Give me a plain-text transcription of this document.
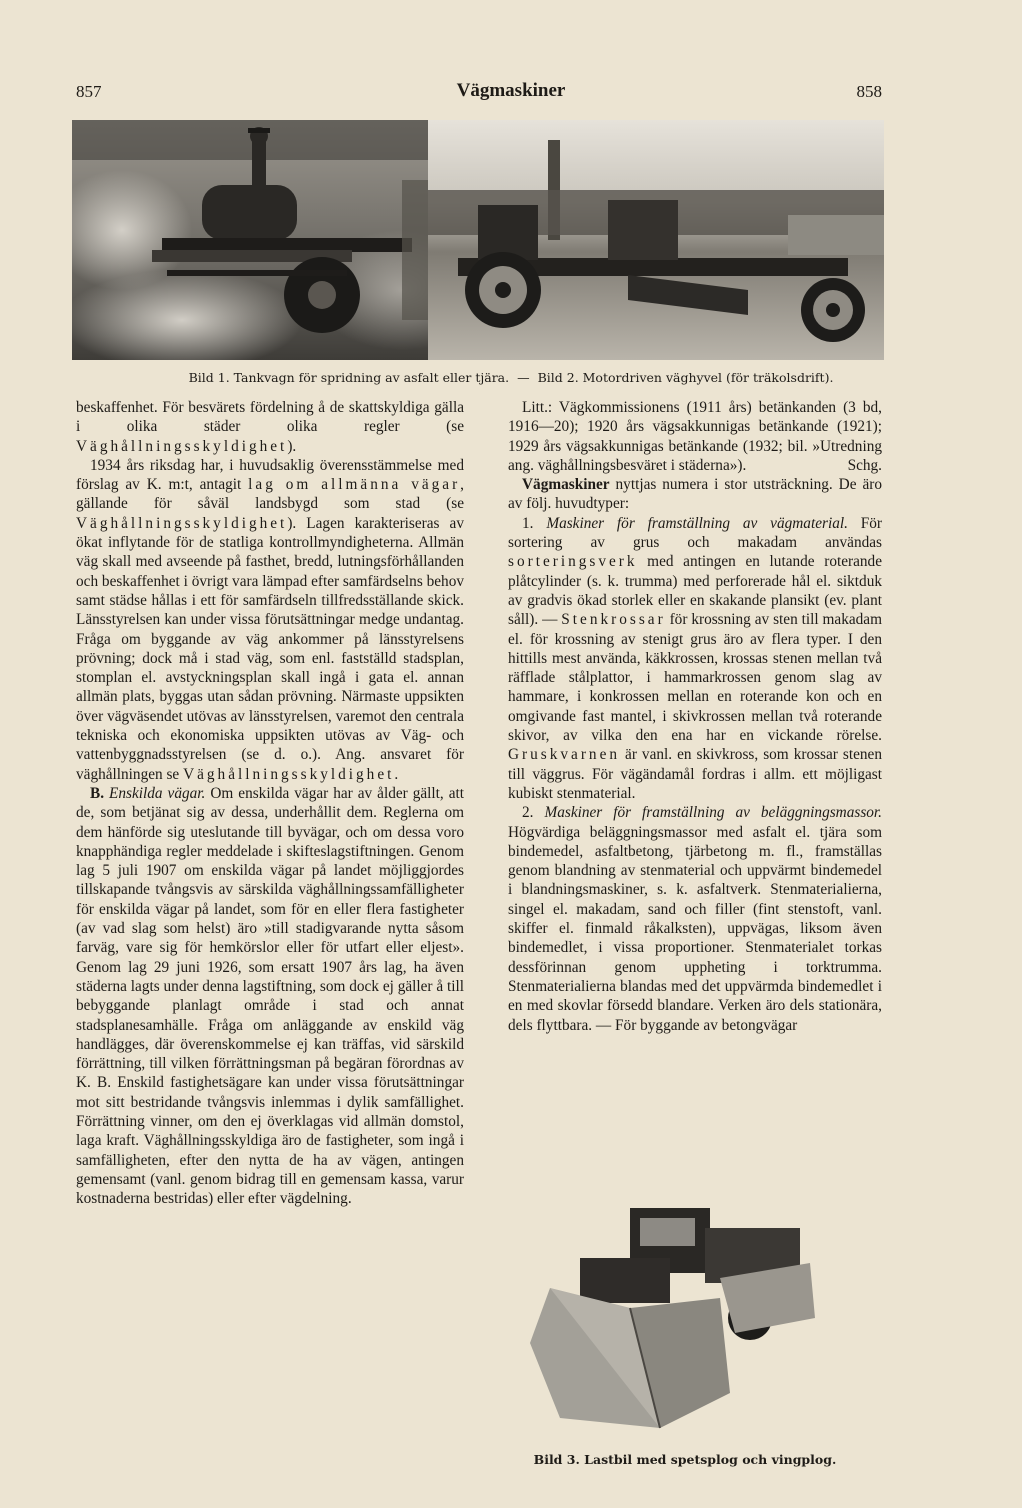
857	Vägmaskiner	858
Bild 1. Tankvagn för spridning av asfalt eller tjära. — Bild 2. Motordriven väghyvel (för träkolsdrift).

beskaffenhet. För besvärets fördelning å de skattskyldiga gälla i olika städer olika regler (se Väghållningsskyldighet).

1934 års riksdag har, i huvudsaklig överensstämmelse med förslag av K. m:t, antagit lag om allmänna vägar, gällande för såväl landsbygd som stad (se Väghållningsskyldighet). Lagen karakteriseras av ökat inflytande för de statliga kontrollmyndigheterna. Allmän väg skall med avseende på fasthet, bredd, lutningsförhållanden och beskaffenhet i övrigt vara lämpad efter samfärdselns behov samt städse hållas i ett för samfärdseln tillfredsställande skick. Länsstyrelsen kan under vissa förutsättningar medge undantag. Fråga om byggande av väg ankommer på länsstyrelsens prövning; dock må i stad väg, som enl. fastställd stadsplan, stomplan el. avstyckningsplan skall ingå i gata el. annan allmän plats, byggas utan sådan prövning. Närmaste uppsikten över vägväsendet utövas av länsstyrelsen, varemot den centrala tekniska och ekonomiska uppsikten utövas av Väg- och vattenbyggnadsstyrelsen (se d. o.). Ang. ansvaret för väghållningen se Väghållningsskyldighet.

B. Enskilda vägar. Om enskilda vägar har av ålder gällt, att de, som betjänat sig av dessa, underhållit dem. Reglerna om dem hänförde sig uteslutande till byvägar, och om dessa voro knapphändiga regler meddelade i skifteslagstiftningen. Genom lag 5 juli 1907 om enskilda vägar på landet möjliggjordes tillskapande tvångsvis av särskilda väghållningssamfälligheter för enskilda vägar på landet, som för en eller flera fastigheter (av vad slag som helst) äro »till stadigvarande nytta såsom farväg, vare sig för hemkörslor eller för utfart eller eljest». Genom lag 29 juni 1926, som ersatt 1907 års lag, ha även städerna lagts under denna lagstiftning, som dock ej gäller å till bebyggande planlagt område i stad och annat stadsplanesamhälle. Fråga om anläggande av enskild väg handlägges, där överenskommelse ej kan träffas, vid särskild förrättning, till vilken förrättningsman på begäran förordnas av K. B. Enskild fastighetsägare kan under vissa förutsättningar mot sitt bestridande tvångsvis inlemmas i dylik samfällighet. Förrättning vinner, om den ej överklagas vid allmän domstol, laga kraft. Väghållningsskyldiga äro de fastigheter, som ingå i samfälligheten, efter den nytta de ha av vägen, antingen gemensamt (vanl. genom bidrag till en gemensam kassa, varur kostnaderna bestridas) eller efter vägdelning.

Litt.: Vägkommissionens (1911 års) betänkanden (3 bd, 1916—20); 1920 års vägsakkunnigas betänkande (1921); 1929 års vägsakkunnigas betänkande (1932; bil. »Utredning ang. väghållningsbesväret i städerna»).	Schg.

Vägmaskiner nyttjas numera i stor utsträckning. De äro av följ. huvudtyper:

1. Maskiner för framställning av vägmaterial. För sortering av grus och makadam användas sorteringsverk med antingen en lutande roterande plåtcylinder (s. k. trumma) med perforerade hål el. siktduk av gradvis ökad storlek eller en skakande plansikt (ev. plant såll). — Stenkrossar för krossning av sten till makadam el. för krossning av stenigt grus äro av flera typer. I den hittills mest använda, käkkrossen, krossas stenen mellan två räfflade stålplattor, i hammarkrossen genom slag av hammare, i konkrossen mellan en roterande kon och en omgivande fast mantel, i skivkrossen mellan två roterande skivor, av vilka den ena har en vickande rörelse. Gruskvarnen är vanl. en skivkross, som krossar stenen till väggrus. För vägändamål fordras i allm. ett möjligast kubiskt stenmaterial.

2. Maskiner för framställning av beläggningsmassor. Högvärdiga beläggningsmassor med asfalt el. tjära som bindemedel, asfaltbetong, tjärbetong m. fl., framställas genom blandning av stenmaterial och uppvärmt bindemedel i blandningsmaskiner, s. k. asfaltverk. Stenmaterialierna, singel el. makadam, sand och filler (fint stenstoft, vanl. skiffer el. finmald råkalksten), uppvägas, liksom även bindemedlet, i vissa proportioner. Stenmaterialet torkas dessförinnan genom uppheting i torktrumma. Stenmaterialierna blandas med det uppvärmda bindemedlet i en med skovlar försedd blandare. Verken äro dels stationära, dels flyttbara. — För byggande av betongvägar

Bild 3. Lastbil med spetsplog och vingplog.
